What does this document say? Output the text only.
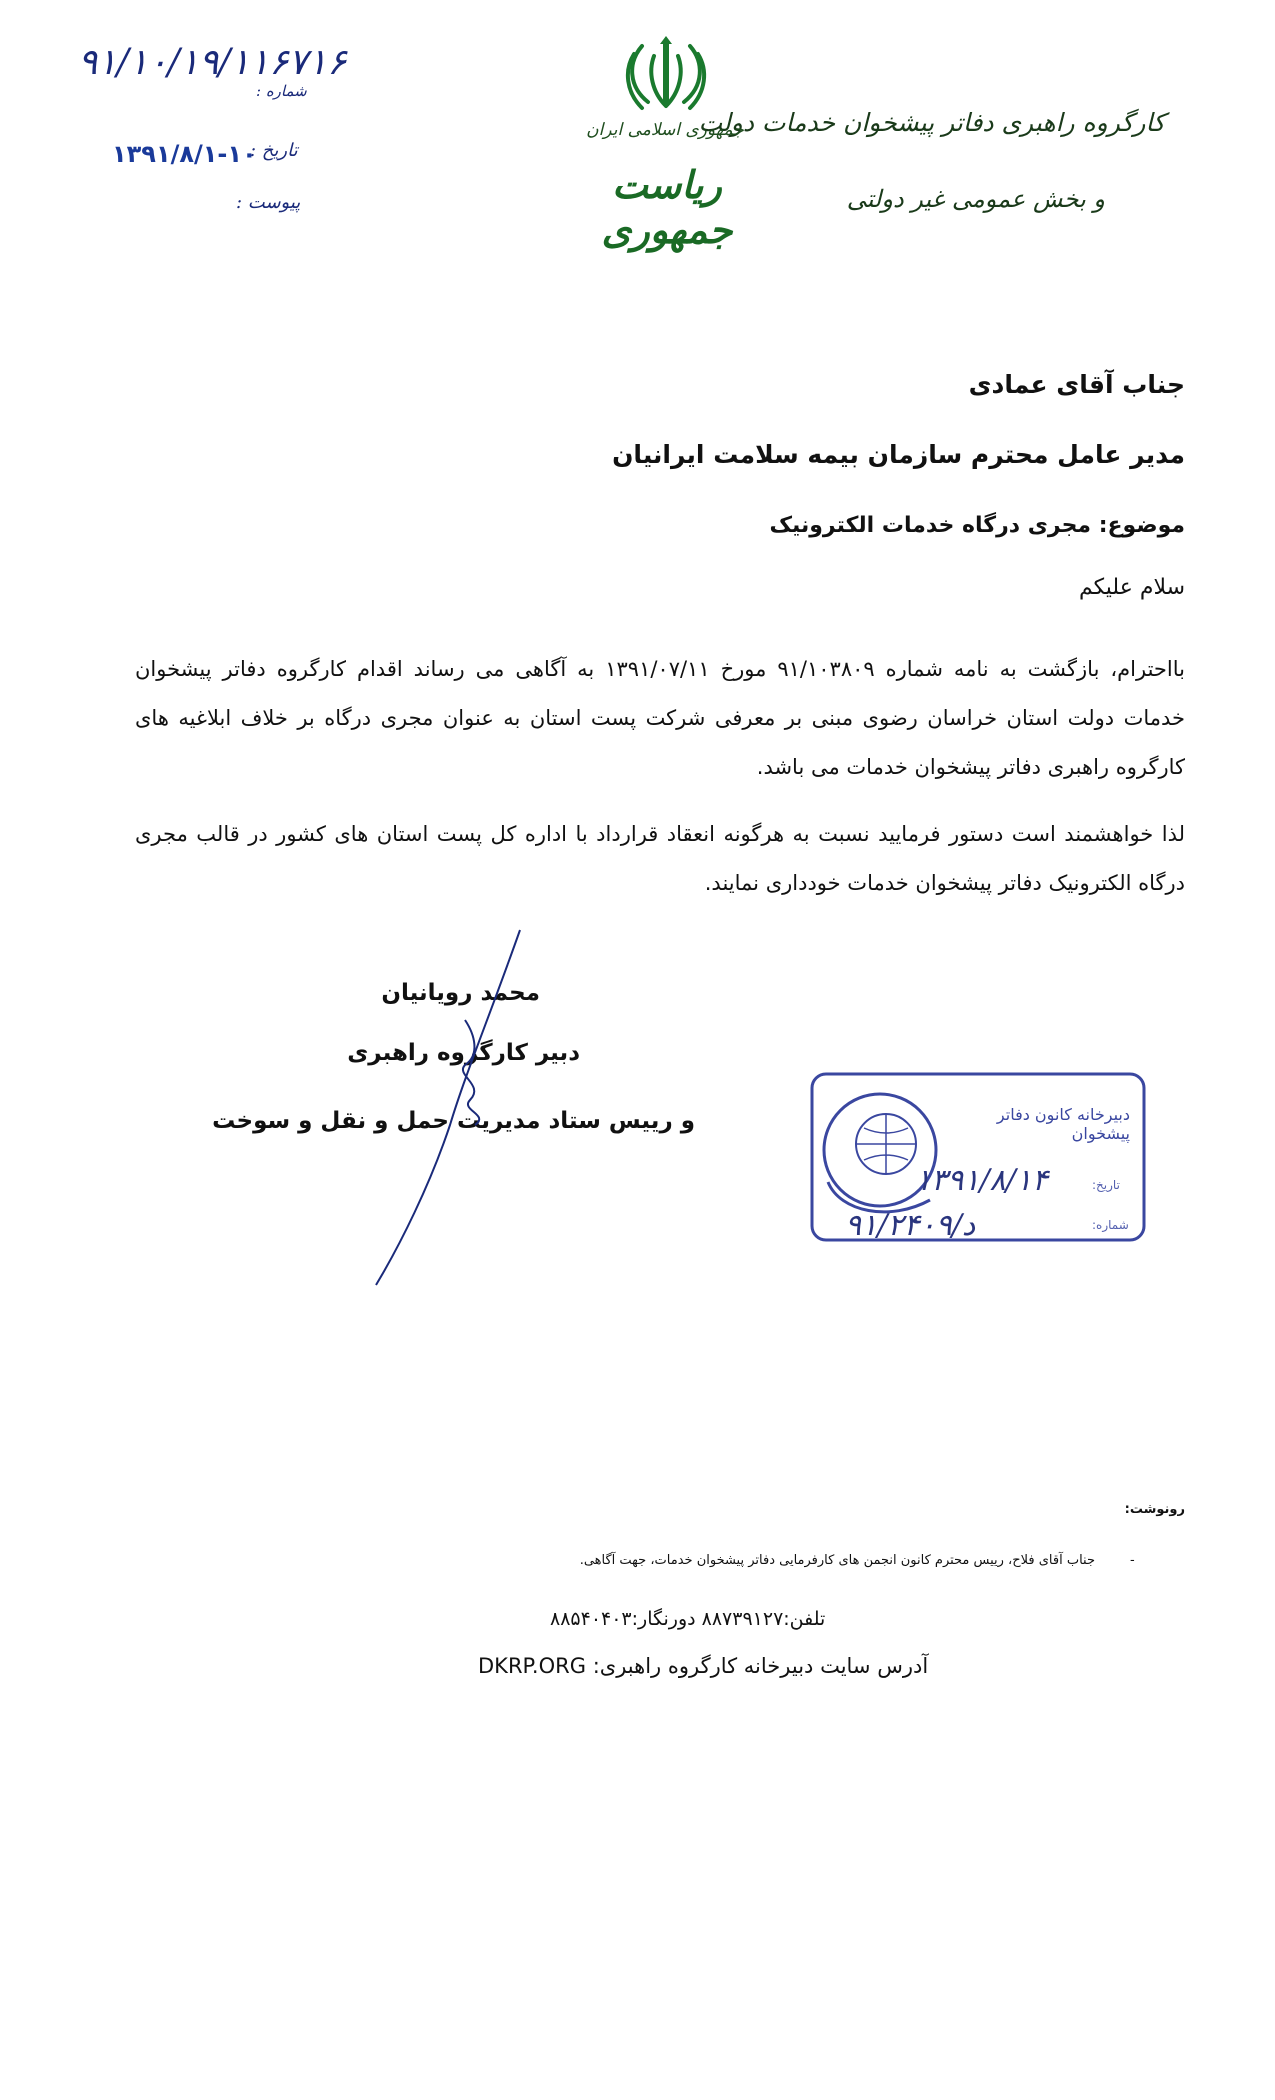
کارگروه راهبری دفاتر پیشخوان خدمات دولت
و بخش عمومی غیر دولتی
جمهوری اسلامی ایران
ریاست جمهوری
۹۱/۱۰/۱۹/۱۱۶۷۱۶
شماره :
۱۳۹۱/۸/۱-۱۰
تاریخ :
پیوست :
جناب آقای عمادی
مدیر عامل محترم سازمان بیمه سلامت ایرانیان
موضوع: مجری درگاه خدمات الکترونیک
سلام علیکم
بااحترام، بازگشت به نامه شماره ۹۱/۱۰۳۸۰۹ مورخ ۱۳۹۱/۰۷/۱۱ به آگاهی می رساند اقدام کارگروه دفاتر پیشخوان خدمات دولت استان خراسان رضوی مبنی بر معرفی شرکت پست استان به عنوان مجری درگاه بر خلاف ابلاغیه های کارگروه راهبری دفاتر پیشخوان خدمات می باشد.
لذا خواهشمند است دستور فرمایید نسبت به هرگونه انعقاد قرارداد با اداره کل پست استان های کشور در قالب مجری درگاه الکترونیک دفاتر پیشخوان خدمات خودداری نمایند.
محمد رویانیان
دبیر کارگروه راهبری
و رییس ستاد مدیریت حمل و نقل و سوخت	دبیرخانه کانون دفاتر پیشخوان
۱۳۹۱/۸/۱۴	تاریخ:
د/۹۱/۲۴۰۹	شماره:
رونوشت:
جناب آقای فلاح، رییس محترم کانون انجمن های کارفرمایی دفاتر پیشخوان خدمات، جهت آگاهی.	-
تلفن:۸۸۷۳۹۱۲۷ دورنگار:۸۸۵۴۰۴۰۳
آدرس سایت دبیرخانه کارگروه راهبری: DKRP.ORG
